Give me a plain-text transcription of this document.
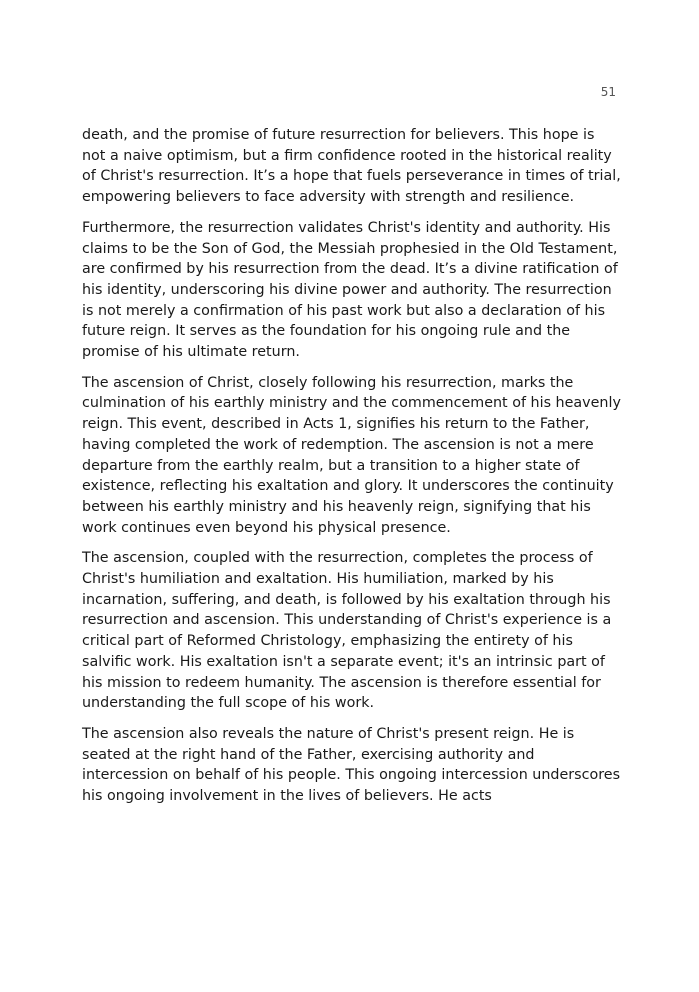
51

death, and the promise of future resurrection for believers. This hope is not a naive optimism, but a firm confidence rooted in the historical reality of Christ's resurrection. It’s a hope that fuels perseverance in times of trial, empowering believers to face adversity with strength and resilience.

Furthermore, the resurrection validates Christ's identity and authority. His claims to be the Son of God, the Messiah prophesied in the Old Testament, are confirmed by his resurrection from the dead. It’s a divine ratification of his identity, underscoring his divine power and authority. The resurrection is not merely a confirmation of his past work but also a declaration of his future reign. It serves as the foundation for his ongoing rule and the promise of his ultimate return.

The ascension of Christ, closely following his resurrection, marks the culmination of his earthly ministry and the commencement of his heavenly reign. This event, described in Acts 1, signifies his return to the Father, having completed the work of redemption. The ascension is not a mere departure from the earthly realm, but a transition to a higher state of existence, reflecting his exaltation and glory. It underscores the continuity between his earthly ministry and his heavenly reign, signifying that his work continues even beyond his physical presence.

The ascension, coupled with the resurrection, completes the process of Christ's humiliation and exaltation. His humiliation, marked by his incarnation, suffering, and death, is followed by his exaltation through his resurrection and ascension. This understanding of Christ's experience is a critical part of Reformed Christology, emphasizing the entirety of his salvific work. His exaltation isn't a separate event; it's an intrinsic part of his mission to redeem humanity. The ascension is therefore essential for understanding the full scope of his work.

The ascension also reveals the nature of Christ's present reign. He is seated at the right hand of the Father, exercising authority and intercession on behalf of his people. This ongoing intercession underscores his ongoing involvement in the lives of believers. He acts
